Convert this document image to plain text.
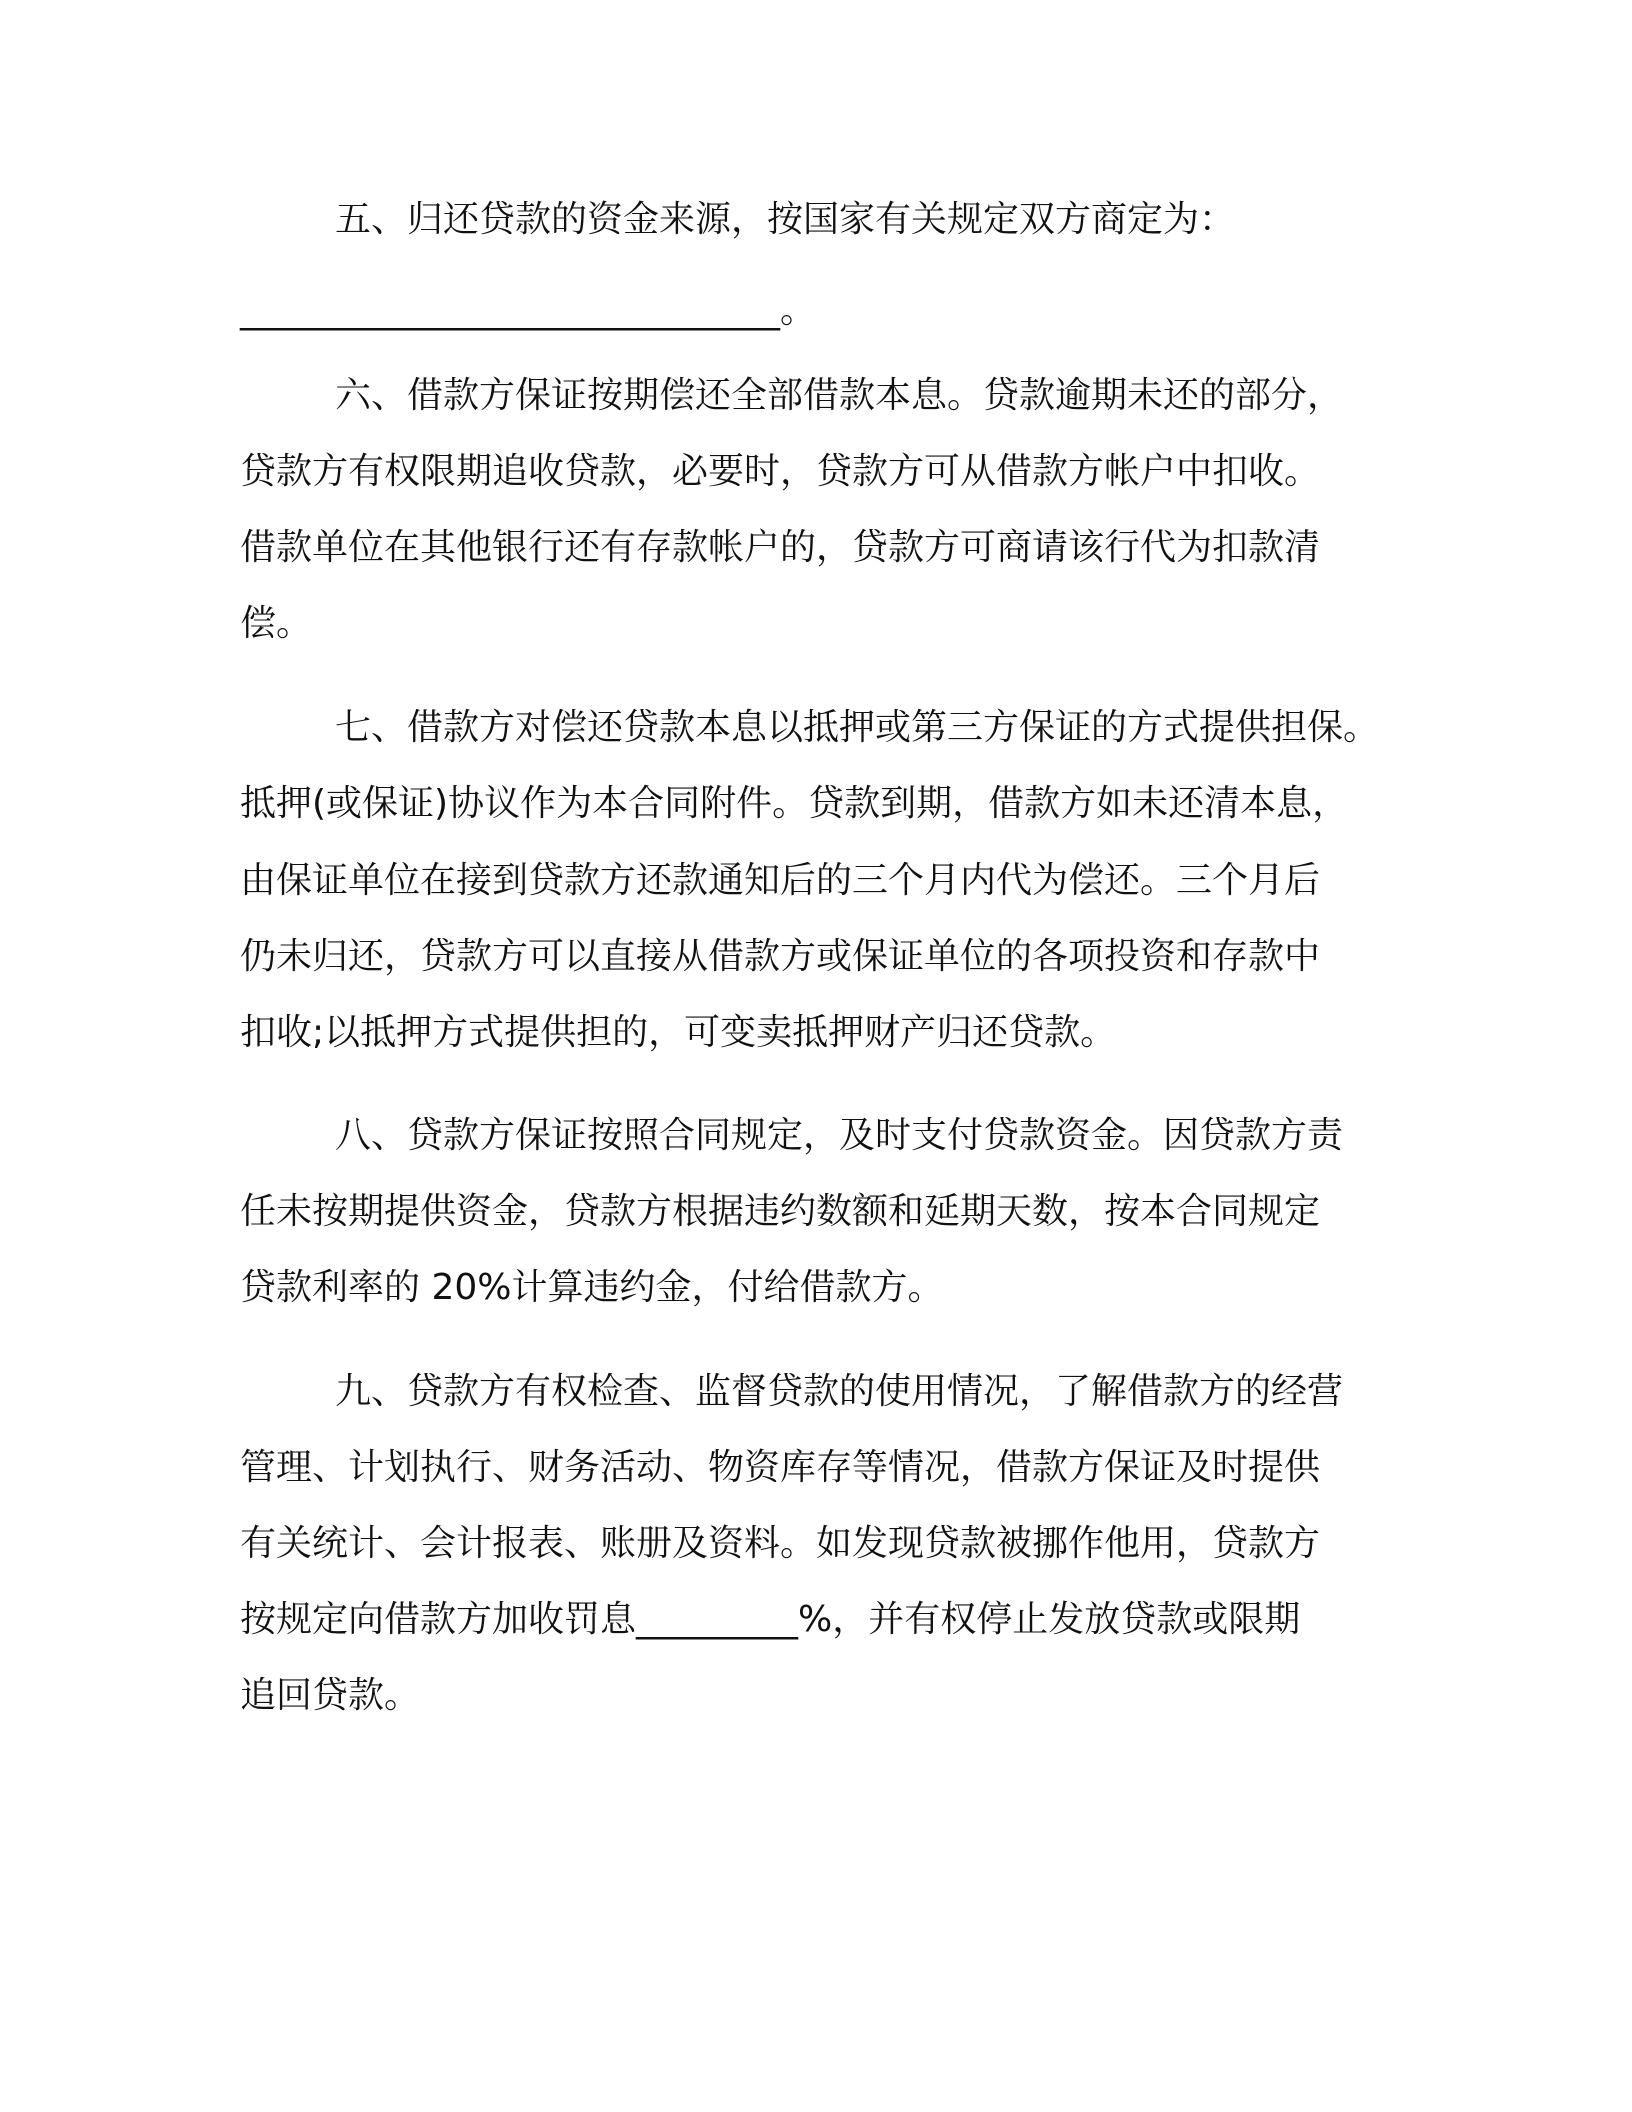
五、归还贷款的资金来源，按国家有关规定双方商定为：
______________________________。
六、借款方保证按期偿还全部借款本息。贷款逾期未还的部分，
贷款方有权限期追收贷款，必要时，贷款方可从借款方帐户中扣收。
借款单位在其他银行还有存款帐户的，贷款方可商请该行代为扣款清
偿。
七、借款方对偿还贷款本息以抵押或第三方保证的方式提供担保。
抵押(或保证)协议作为本合同附件。贷款到期，借款方如未还清本息，
由保证单位在接到贷款方还款通知后的三个月内代为偿还。三个月后
仍未归还，贷款方可以直接从借款方或保证单位的各项投资和存款中
扣收;以抵押方式提供担的，可变卖抵押财产归还贷款。
八、贷款方保证按照合同规定，及时支付贷款资金。因贷款方责
任未按期提供资金，贷款方根据违约数额和延期天数，按本合同规定
贷款利率的 20%计算违约金，付给借款方。
九、贷款方有权检查、监督贷款的使用情况，了解借款方的经营
管理、计划执行、财务活动、物资库存等情况，借款方保证及时提供
有关统计、会计报表、账册及资料。如发现贷款被挪作他用，贷款方
按规定向借款方加收罚息_________%，并有权停止发放贷款或限期
追回贷款。
